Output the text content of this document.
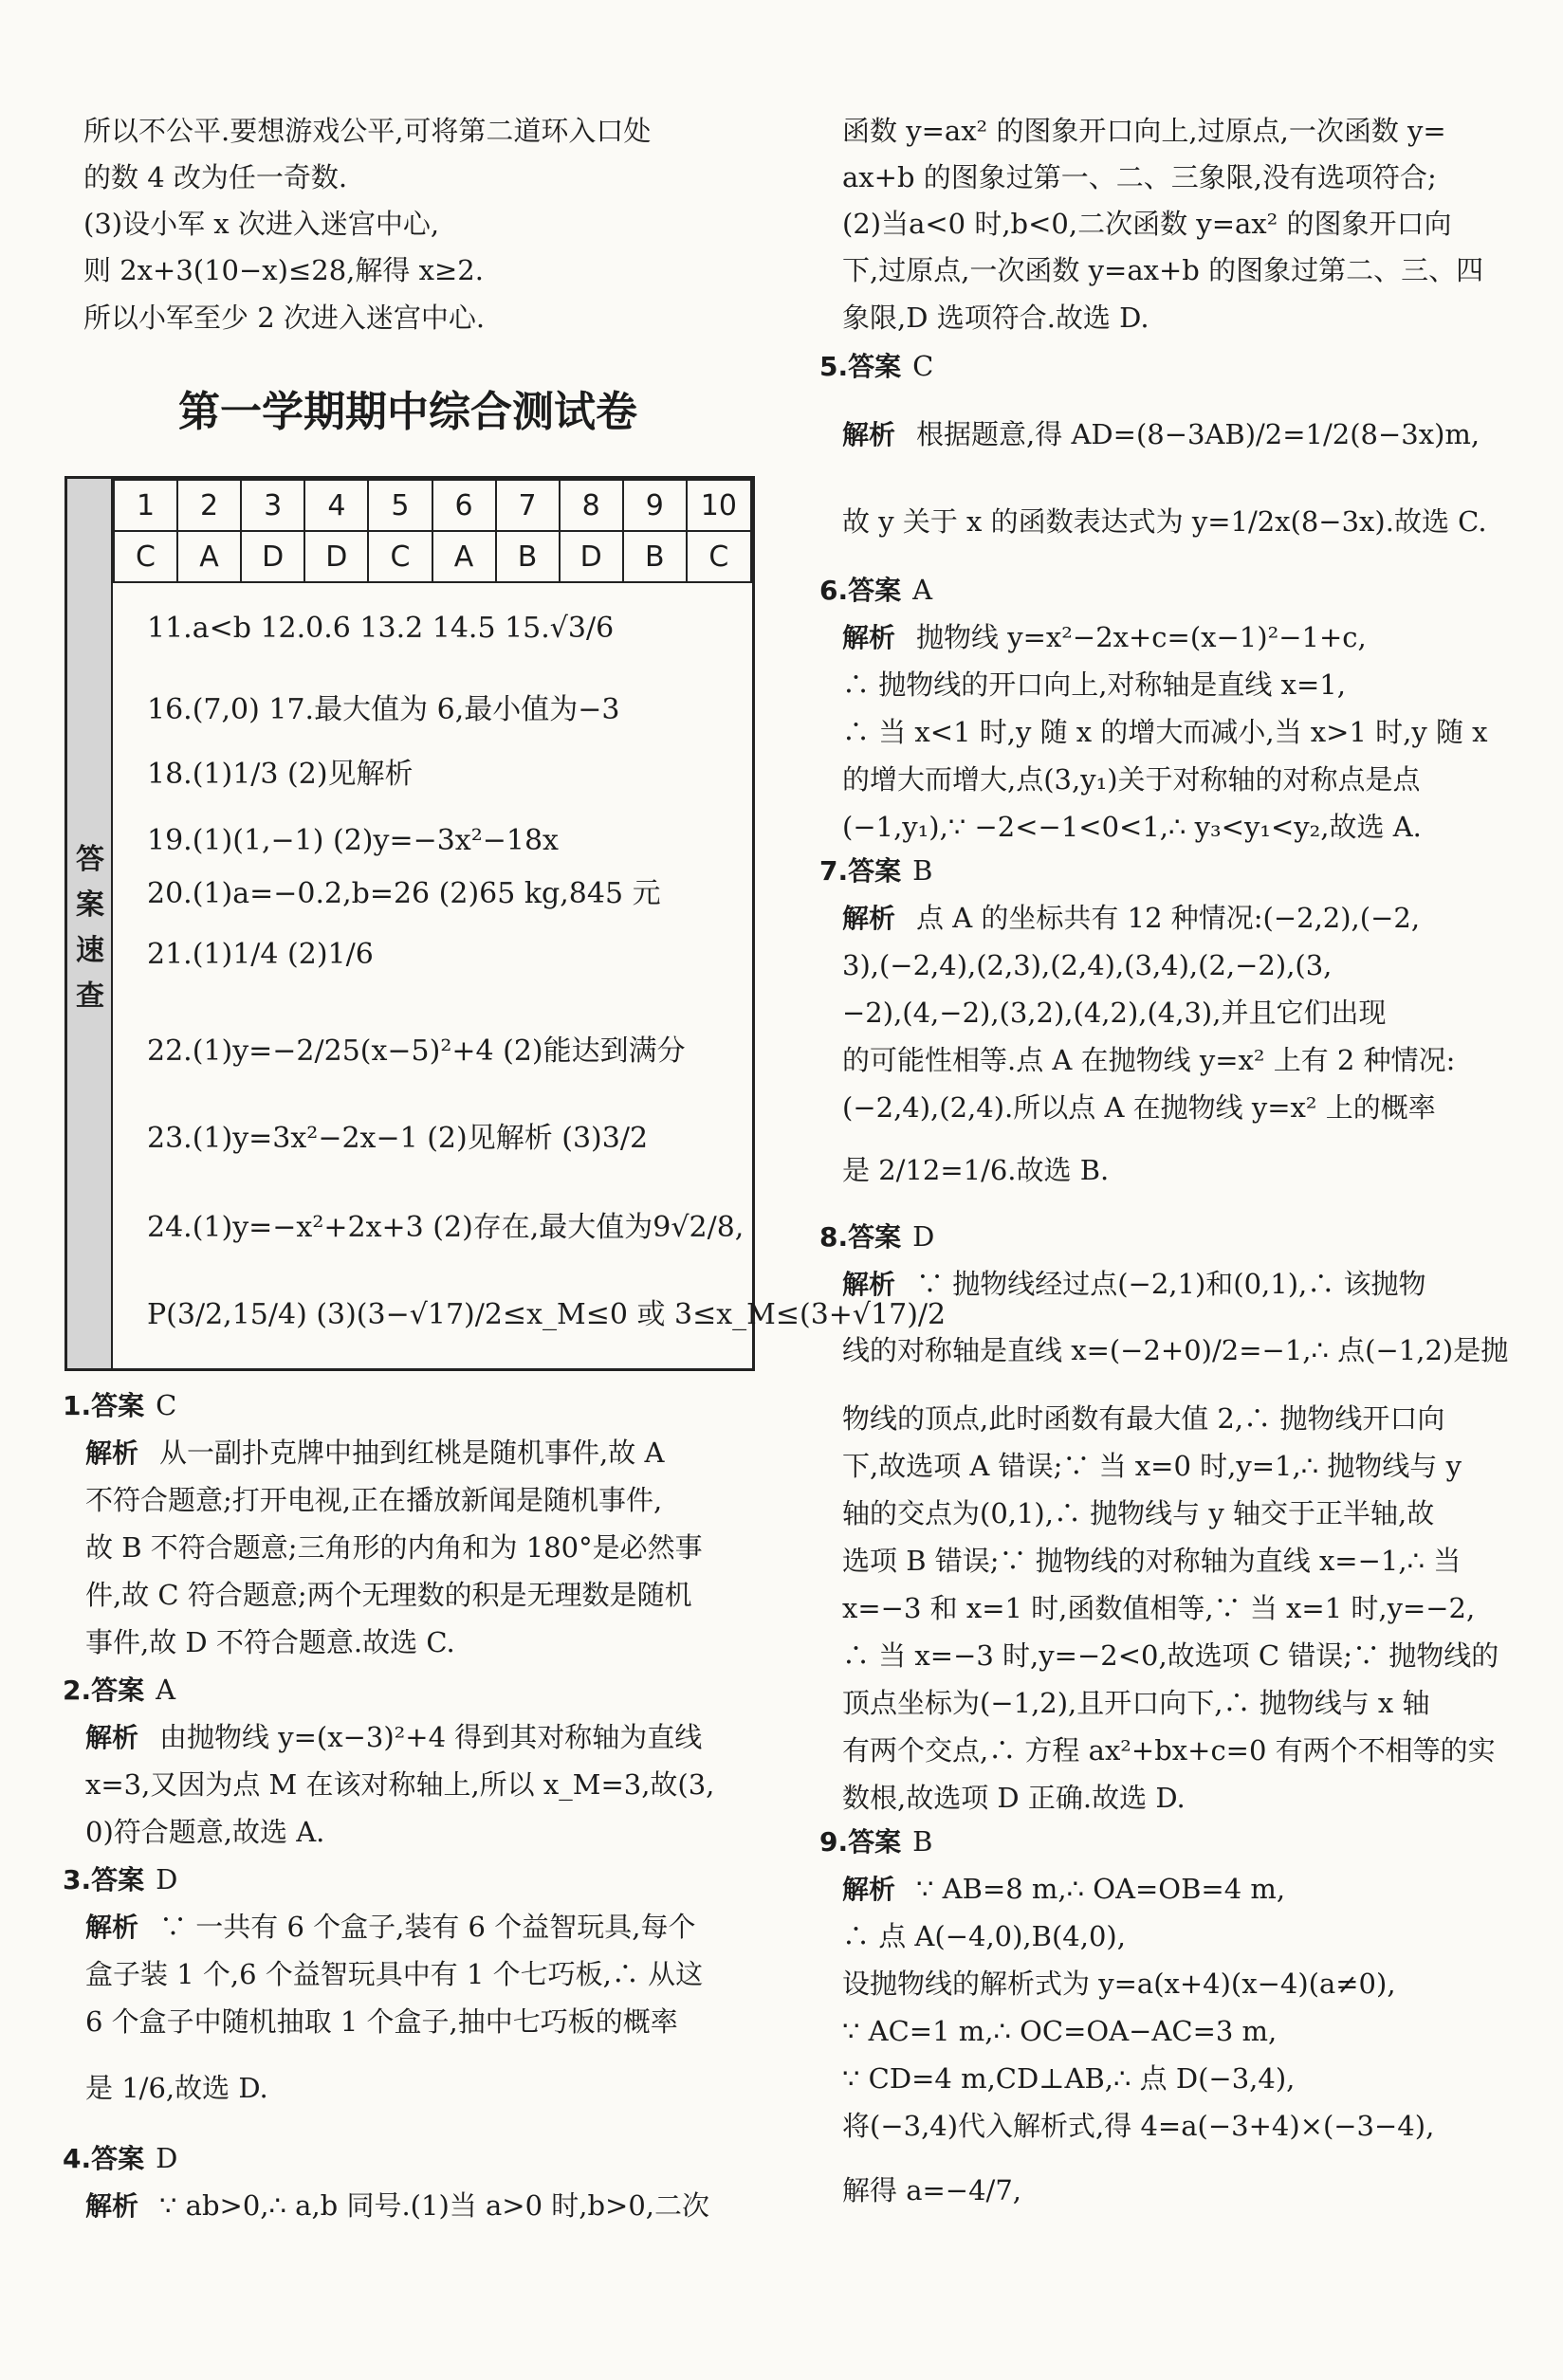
所以不公平.要想游戏公平,可将第二道环入口处
的数 4 改为任一奇数.
(3)设小军 x 次进入迷宫中心,
则 2x+3(10−x)≤28,解得 x≥2.
所以小军至少 2 次进入迷宫中心.
第一学期期中综合测试卷
答
案
速
查
1	2	3	4	5	6	7	8	9	10
C	A	D	D	C	A	B	D	B	C
11.a<b 12.0.6 13.2 14.5 15.√3/6
16.(7,0) 17.最大值为 6,最小值为−3
18.(1)1/3 (2)见解析
19.(1)(1,−1) (2)y=−3x²−18x
20.(1)a=−0.2,b=26 (2)65 kg,845 元
21.(1)1/4 (2)1/6
22.(1)y=−2/25(x−5)²+4 (2)能达到满分
23.(1)y=3x²−2x−1 (2)见解析 (3)3/2
24.(1)y=−x²+2x+3 (2)存在,最大值为9√2/8,
P(3/2,15/4) (3)(3−√17)/2≤x_M≤0 或 3≤x_M≤(3+√17)/2
1.答案 C
解析 从一副扑克牌中抽到红桃是随机事件,故 A
不符合题意;打开电视,正在播放新闻是随机事件,
故 B 不符合题意;三角形的内角和为 180°是必然事
件,故 C 符合题意;两个无理数的积是无理数是随机
事件,故 D 不符合题意.故选 C.
2.答案 A
解析 由抛物线 y=(x−3)²+4 得到其对称轴为直线
x=3,又因为点 M 在该对称轴上,所以 x_M=3,故(3,
0)符合题意,故选 A.
3.答案 D
解析 ∵ 一共有 6 个盒子,装有 6 个益智玩具,每个
盒子装 1 个,6 个益智玩具中有 1 个七巧板,∴ 从这
6 个盒子中随机抽取 1 个盒子,抽中七巧板的概率
是 1/6,故选 D.
4.答案 D
解析 ∵ ab>0,∴ a,b 同号.(1)当 a>0 时,b>0,二次
函数 y=ax² 的图象开口向上,过原点,一次函数 y=
ax+b 的图象过第一、二、三象限,没有选项符合;
(2)当a<0 时,b<0,二次函数 y=ax² 的图象开口向
下,过原点,一次函数 y=ax+b 的图象过第二、三、四
象限,D 选项符合.故选 D.
5.答案 C
解析 根据题意,得 AD=(8−3AB)/2=1/2(8−3x)m,
故 y 关于 x 的函数表达式为 y=1/2x(8−3x).故选 C.
6.答案 A
解析 抛物线 y=x²−2x+c=(x−1)²−1+c,
∴ 抛物线的开口向上,对称轴是直线 x=1,
∴ 当 x<1 时,y 随 x 的增大而减小,当 x>1 时,y 随 x
的增大而增大,点(3,y₁)关于对称轴的对称点是点
(−1,y₁),∵ −2<−1<0<1,∴ y₃<y₁<y₂,故选 A.
7.答案 B
解析 点 A 的坐标共有 12 种情况:(−2,2),(−2,
3),(−2,4),(2,3),(2,4),(3,4),(2,−2),(3,
−2),(4,−2),(3,2),(4,2),(4,3),并且它们出现
的可能性相等.点 A 在抛物线 y=x² 上有 2 种情况:
(−2,4),(2,4).所以点 A 在抛物线 y=x² 上的概率
是 2/12=1/6.故选 B.
8.答案 D
解析 ∵ 抛物线经过点(−2,1)和(0,1),∴ 该抛物
线的对称轴是直线 x=(−2+0)/2=−1,∴ 点(−1,2)是抛
物线的顶点,此时函数有最大值 2,∴ 抛物线开口向
下,故选项 A 错误;∵ 当 x=0 时,y=1,∴ 抛物线与 y
轴的交点为(0,1),∴ 抛物线与 y 轴交于正半轴,故
选项 B 错误;∵ 抛物线的对称轴为直线 x=−1,∴ 当
x=−3 和 x=1 时,函数值相等,∵ 当 x=1 时,y=−2,
∴ 当 x=−3 时,y=−2<0,故选项 C 错误;∵ 抛物线的
顶点坐标为(−1,2),且开口向下,∴ 抛物线与 x 轴
有两个交点,∴ 方程 ax²+bx+c=0 有两个不相等的实
数根,故选项 D 正确.故选 D.
9.答案 B
解析 ∵ AB=8 m,∴ OA=OB=4 m,
∴ 点 A(−4,0),B(4,0),
设抛物线的解析式为 y=a(x+4)(x−4)(a≠0),
∵ AC=1 m,∴ OC=OA−AC=3 m,
∵ CD=4 m,CD⊥AB,∴ 点 D(−3,4),
将(−3,4)代入解析式,得 4=a(−3+4)×(−3−4),
解得 a=−4/7,
